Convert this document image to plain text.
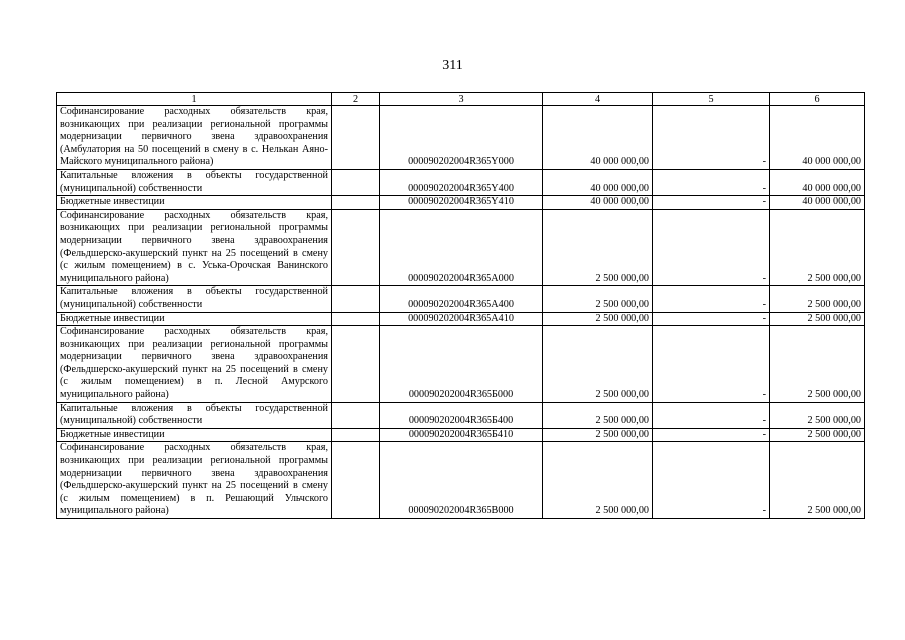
311
1	2	3	4	5	6
Софинансирование расходных обязательств края, возникающих при реализации региональной программы модернизации первичного звена здравоохранения (Амбулатория на 50 посещений в смену в с. Нелькан Аяно-Майского муниципального района)		000090202004R365Y000	40 000 000,00	-	40 000 000,00
Капитальные вложения в объекты государственной (муниципальной) собственности		000090202004R365Y400	40 000 000,00	-	40 000 000,00
Бюджетные инвестиции		000090202004R365Y410	40 000 000,00	-	40 000 000,00
Софинансирование расходных обязательств края, возникающих при реализации региональной программы модернизации первичного звена здравоохранения (Фельдшерско-акушерский пункт на 25 посещений в смену (с жилым помещением) в с. Уська-Орочская Ванинского муниципального района)		000090202004R365A000	2 500 000,00	-	2 500 000,00
Капитальные вложения в объекты государственной (муниципальной) собственности		000090202004R365A400	2 500 000,00	-	2 500 000,00
Бюджетные инвестиции		000090202004R365A410	2 500 000,00	-	2 500 000,00
Софинансирование расходных обязательств края, возникающих при реализации региональной программы модернизации первичного звена здравоохранения (Фельдшерско-акушерский пункт на 25 посещений в смену (с жилым помещением) в п. Лесной Амурского муниципального района)		000090202004R365Б000	2 500 000,00	-	2 500 000,00
Капитальные вложения в объекты государственной (муниципальной) собственности		000090202004R365Б400	2 500 000,00	-	2 500 000,00
Бюджетные инвестиции		000090202004R365Б410	2 500 000,00	-	2 500 000,00
Софинансирование расходных обязательств края, возникающих при реализации региональной программы модернизации первичного звена здравоохранения (Фельдшерско-акушерский пункт на 25 посещений в смену (с жилым помещением) в п. Решающий Ульчского муниципального района)		000090202004R365В000	2 500 000,00	-	2 500 000,00
